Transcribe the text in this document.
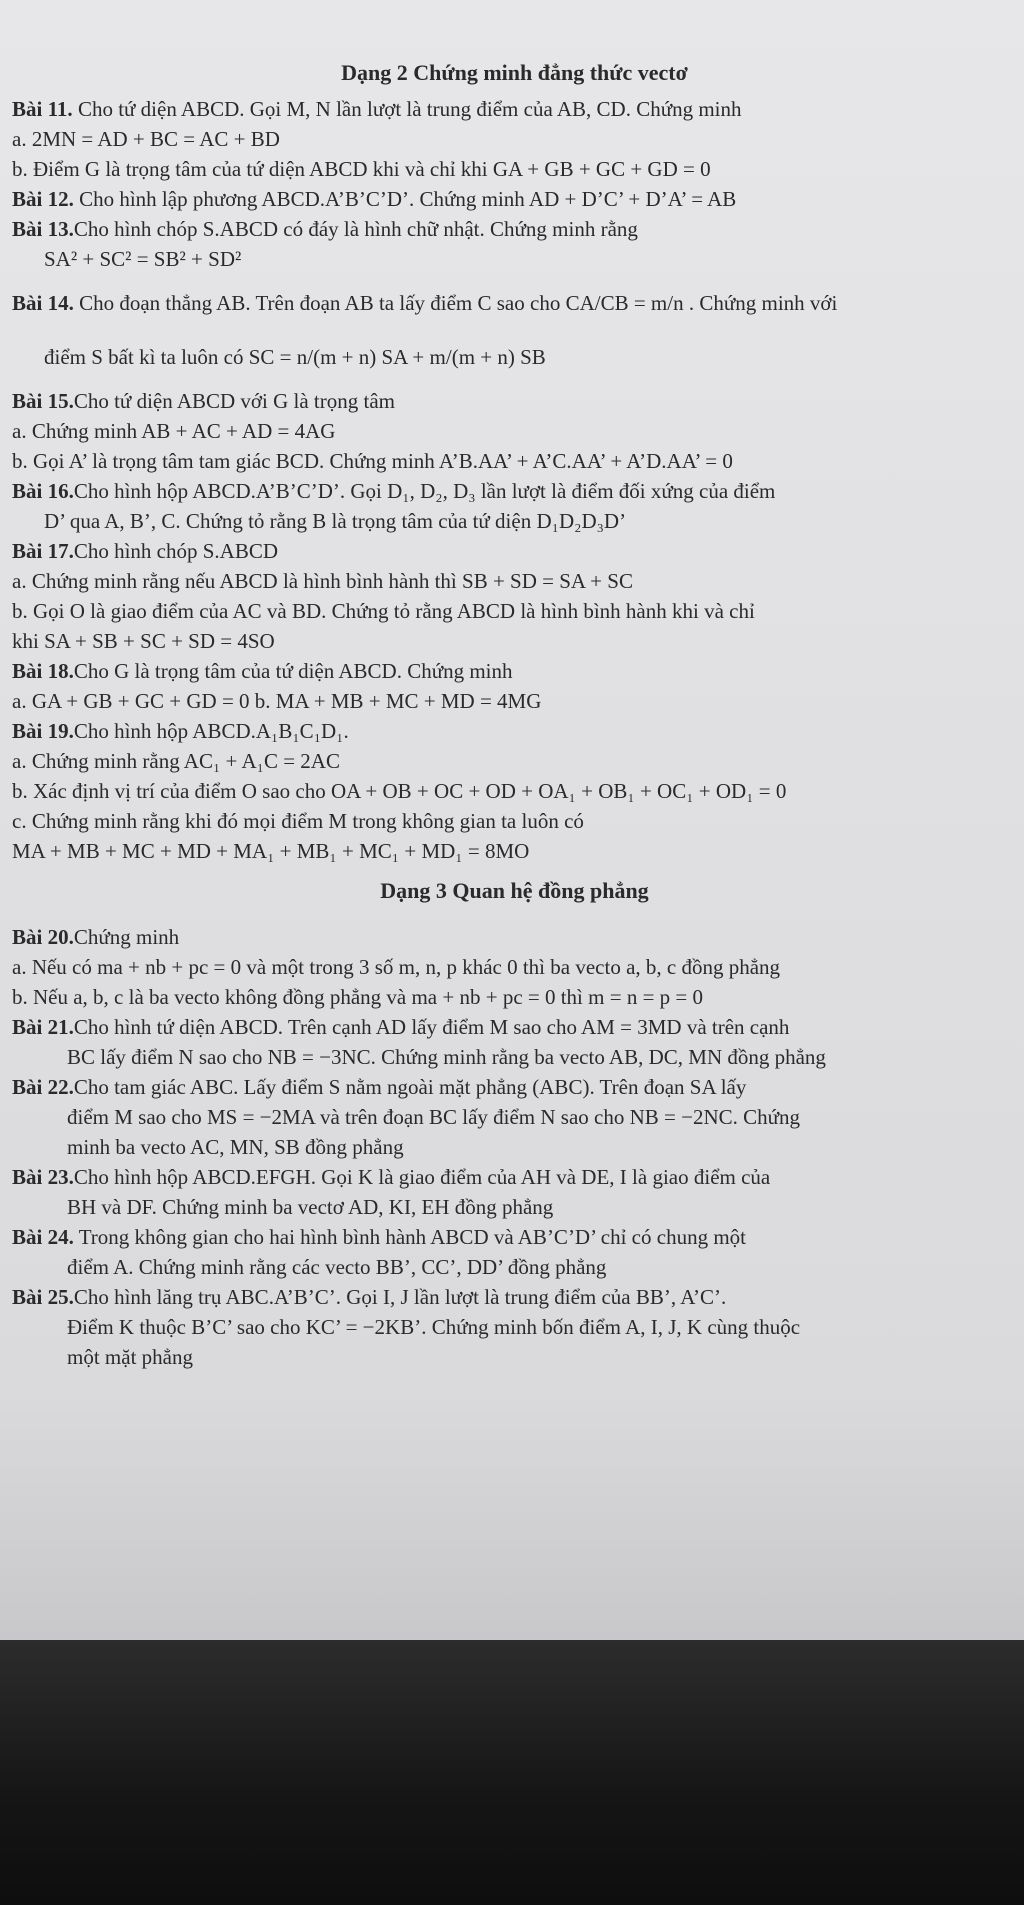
Dạng 2 Chứng minh đẳng thức vectơ
Bài 11. Cho tứ diện ABCD. Gọi M, N lần lượt là trung điểm của AB, CD. Chứng minh
a. 2MN = AD + BC = AC + BD
b. Điểm G là trọng tâm của tứ diện ABCD khi và chỉ khi GA + GB + GC + GD = 0
Bài 12. Cho hình lập phương ABCD.A’B’C’D’. Chứng minh AD + D’C’ + D’A’ = AB
Bài 13.Cho hình chóp S.ABCD có đáy là hình chữ nhật. Chứng minh rằng
SA² + SC² = SB² + SD²
Bài 14. Cho đoạn thẳng AB. Trên đoạn AB ta lấy điểm C sao cho CA/CB = m/n . Chứng minh với
điểm S bất kì ta luôn có SC = n/(m + n) SA + m/(m + n) SB
Bài 15.Cho tứ diện ABCD với G là trọng tâm
a. Chứng minh AB + AC + AD = 4AG
b. Gọi A’ là trọng tâm tam giác BCD. Chứng minh A’B.AA’ + A’C.AA’ + A’D.AA’ = 0
Bài 16.Cho hình hộp ABCD.A’B’C’D’. Gọi D₁, D₂, D₃ lần lượt là điểm đối xứng của điểm
D’ qua A, B’, C. Chứng tỏ rằng B là trọng tâm của tứ diện D₁D₂D₃D’
Bài 17.Cho hình chóp S.ABCD
a. Chứng minh rằng nếu ABCD là hình bình hành thì SB + SD = SA + SC
b. Gọi O là giao điểm của AC và BD. Chứng tỏ rằng ABCD là hình bình hành khi và chỉ
khi SA + SB + SC + SD = 4SO
Bài 18.Cho G là trọng tâm của tứ diện ABCD. Chứng minh
a. GA + GB + GC + GD = 0 b. MA + MB + MC + MD = 4MG
Bài 19.Cho hình hộp ABCD.A₁B₁C₁D₁.
a. Chứng minh rằng AC₁ + A₁C = 2AC
b. Xác định vị trí của điểm O sao cho OA + OB + OC + OD + OA₁ + OB₁ + OC₁ + OD₁ = 0
c. Chứng minh rằng khi đó mọi điểm M trong không gian ta luôn có
MA + MB + MC + MD + MA₁ + MB₁ + MC₁ + MD₁ = 8MO
Dạng 3 Quan hệ đồng phẳng
Bài 20.Chứng minh
a. Nếu có ma + nb + pc = 0 và một trong 3 số m, n, p khác 0 thì ba vecto a, b, c đồng phẳng
b. Nếu a, b, c là ba vecto không đồng phẳng và ma + nb + pc = 0 thì m = n = p = 0
Bài 21.Cho hình tứ diện ABCD. Trên cạnh AD lấy điểm M sao cho AM = 3MD và trên cạnh
BC lấy điểm N sao cho NB = −3NC. Chứng minh rằng ba vecto AB, DC, MN đồng phẳng
Bài 22.Cho tam giác ABC. Lấy điểm S nằm ngoài mặt phẳng (ABC). Trên đoạn SA lấy
điểm M sao cho MS = −2MA và trên đoạn BC lấy điểm N sao cho NB = −2NC. Chứng
minh ba vecto AC, MN, SB đồng phẳng
Bài 23.Cho hình hộp ABCD.EFGH. Gọi K là giao điểm của AH và DE, I là giao điểm của
BH và DF. Chứng minh ba vectơ AD, KI, EH đồng phẳng
Bài 24. Trong không gian cho hai hình bình hành ABCD và AB’C’D’ chỉ có chung một
điểm A. Chứng minh rằng các vecto BB’, CC’, DD’ đồng phẳng
Bài 25.Cho hình lăng trụ ABC.A’B’C’. Gọi I, J lần lượt là trung điểm của BB’, A’C’.
Điểm K thuộc B’C’ sao cho KC’ = −2KB’. Chứng minh bốn điểm A, I, J, K cùng thuộc
một mặt phẳng
